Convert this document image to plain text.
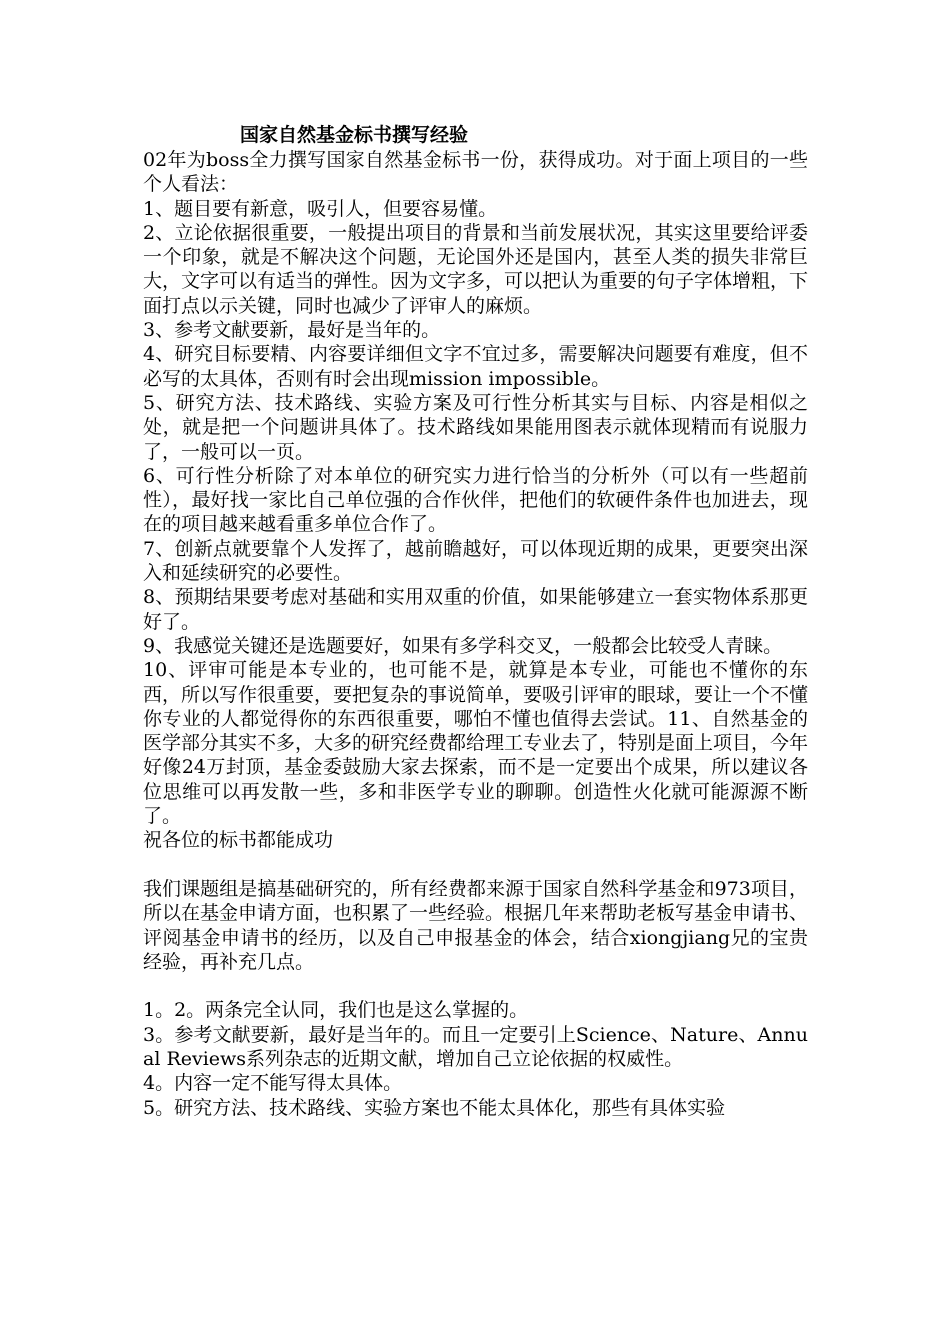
国家自然基金标书撰写经验
02年为boss全力撰写国家自然基金标书一份，获得成功。对于面上项目的一些个人看法：
1、题目要有新意，吸引人，但要容易懂。
2、立论依据很重要，一般提出项目的背景和当前发展状况，其实这里要给评委一个印象，就是不解决这个问题，无论国外还是国内，甚至人类的损失非常巨大，文字可以有适当的弹性。因为文字多，可以把认为重要的句子字体增粗，下面打点以示关键，同时也减少了评审人的麻烦。
3、参考文献要新，最好是当年的。
4、研究目标要精、内容要详细但文字不宜过多，需要解决问题要有难度，但不必写的太具体，否则有时会出现mission impossible。
5、研究方法、技术路线、实验方案及可行性分析其实与目标、内容是相似之处，就是把一个问题讲具体了。技术路线如果能用图表示就体现精而有说服力了，一般可以一页。
6、可行性分析除了对本单位的研究实力进行恰当的分析外（可以有一些超前性），最好找一家比自己单位强的合作伙伴，把他们的软硬件条件也加进去，现在的项目越来越看重多单位合作了。
7、创新点就要靠个人发挥了，越前瞻越好，可以体现近期的成果，更要突出深入和延续研究的必要性。
8、预期结果要考虑对基础和实用双重的价值，如果能够建立一套实物体系那更好了。
9、我感觉关键还是选题要好，如果有多学科交叉，一般都会比较受人青睐。
10、评审可能是本专业的，也可能不是，就算是本专业，可能也不懂你的东西，所以写作很重要，要把复杂的事说简单，要吸引评审的眼球，要让一个不懂你专业的人都觉得你的东西很重要，哪怕不懂也值得去尝试。11、自然基金的医学部分其实不多，大多的研究经费都给理工专业去了，特别是面上项目，今年好像24万封顶，基金委鼓励大家去探索，而不是一定要出个成果，所以建议各位思维可以再发散一些，多和非医学专业的聊聊。创造性火化就可能源源不断了。
祝各位的标书都能成功
我们课题组是搞基础研究的，所有经费都来源于国家自然科学基金和973项目，所以在基金申请方面，也积累了一些经验。根据几年来帮助老板写基金申请书、评阅基金申请书的经历，以及自己申报基金的体会，结合xiongjiang兄的宝贵经验，再补充几点。
1。2。两条完全认同，我们也是这么掌握的。
3。参考文献要新，最好是当年的。而且一定要引上Science、Nature、Annual Reviews系列杂志的近期文献，增加自己立论依据的权威性。
4。内容一定不能写得太具体。
5。研究方法、技术路线、实验方案也不能太具体化，那些有具体实验
